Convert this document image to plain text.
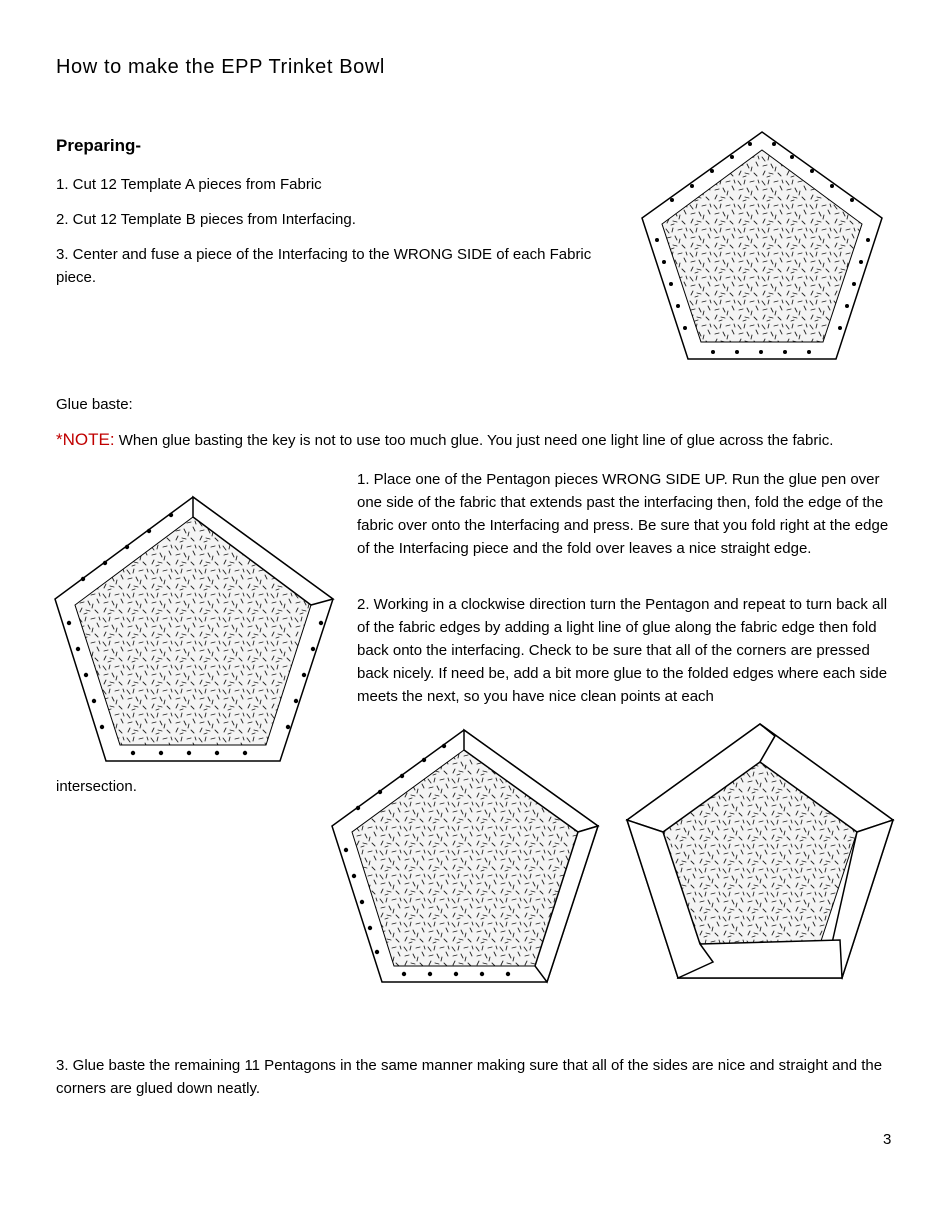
How to make the EPP Trinket Bowl
Preparing-
1. Cut 12 Template A pieces from Fabric
2. Cut 12 Template B pieces from Interfacing.
3. Center and fuse a piece of the Interfacing to the WRONG SIDE of each Fabric piece.
Glue baste:
*NOTE: When glue basting the key is not to use too much glue. You just need one light line of glue across the fabric.
1. Place one of the Pentagon pieces WRONG SIDE UP. Run the glue pen over one side of the fabric that extends past the interfacing then, fold the edge of the fabric over onto the Interfacing and press. Be sure that you fold right at the edge of the Interfacing piece and the fold over leaves a nice straight edge.
2. Working in a clockwise direction turn the Pentagon and repeat to turn back all of the fabric edges by adding a light line of glue along the fabric edge then fold back onto the interfacing. Check to be sure that all of the corners are pressed back nicely. If need be, add a bit more glue to the folded edges where each side meets the next, so you have nice clean points at each
intersection.
3. Glue baste the remaining 11 Pentagons in the same manner making sure that all of the sides are nice and straight and the corners are glued down neatly.
3
